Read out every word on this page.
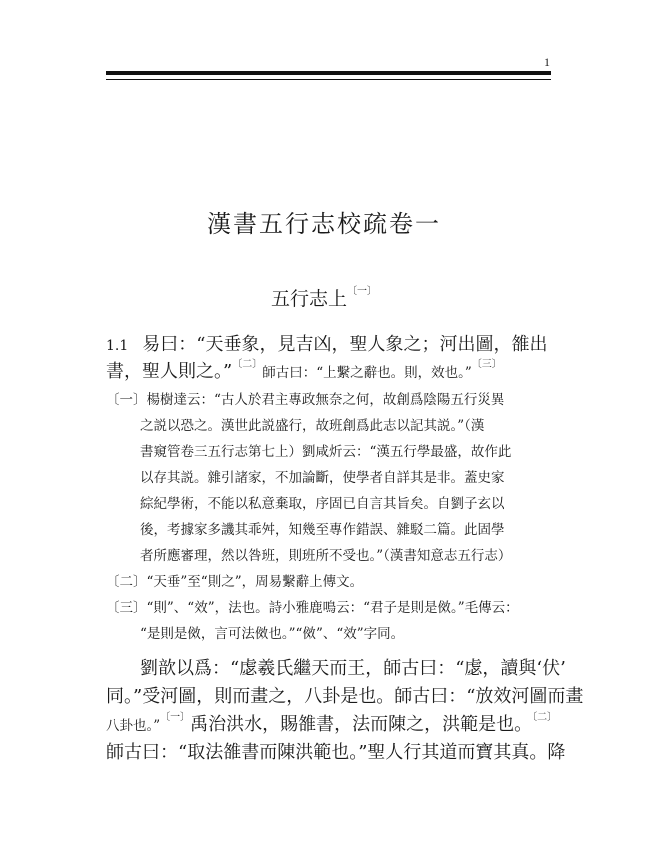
1
漢書五行志校疏卷一
五行志上$^{〔一〕}$
1.1 易曰：“天垂象，見吉凶，聖人象之；河出圖，雒出
書，聖人則之。”$^{〔二〕}$師古曰：“上繫之辭也。則，效也。”$^{〔三〕}$
〔一〕楊樹達云：“古人於君主專政無奈之何，故創爲陰陽五行災異
之説以恐之。漢世此説盛行，故班創爲此志以記其説。”（漢
書窺管卷三五行志第七上）劉咸炘云：“漢五行學最盛，故作此
以存其説。雜引諸家，不加論斷，使學者自詳其是非。蓋史家
綜紀學術，不能以私意棄取，序固已自言其旨矣。自劉子玄以
後，考據家多譏其乖舛，知幾至專作錯誤、雜駁二篇。此固學
者所應審理，然以咎班，則班所不受也。”（漢書知意志五行志）
〔二〕“天垂”至“則之”，周易繫辭上傳文。
〔三〕“則”、“效”，法也。詩小雅鹿鳴云：“君子是則是傚。”毛傳云：
“是則是傚，言可法傚也。”“傚”、“效”字同。
劉歆以爲：“虙羲氏繼天而王，師古曰：“虙，讀與‘伏’
同。”受河圖，則而畫之，八卦是也。師古曰：“放效河圖而畫
八卦也。”$^{〔一〕}$禹治洪水，賜雒書，法而陳之，洪範是也。$^{〔二〕}$
師古曰：“取法雒書而陳洪範也。”聖人行其道而寶其真。降
